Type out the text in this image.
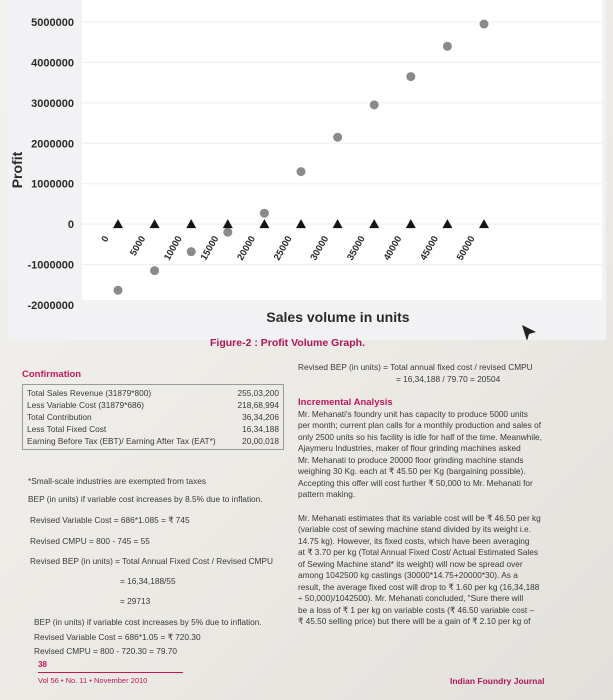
5000000
4000000
3000000
2000000
1000000
0
-1000000
-2000000
0 5000 10000 15000 20000 25000 30000 35000 40000 45000 50000
Profit
Sales volume in units
Figure-2 : Profit Volume Graph.
Confirmation
Total Sales Revenue (31879*800)	255,03,200
Less Variable Cost (31879*686)	218,68,994
Total Contribution	36,34,206
Less Total Fixed Cost	16,34,188
Earning Before Tax (EBT)/ Earning After Tax (EAT*)	20,00,018
*Small-scale industries are exempted from taxes
BEP (in units) if variable cost increases by 8.5% due to inflation.
Revised Variable Cost = 686*1.085 = ₹ 745
Revised CMPU = 800 - 745 = 55
Revised BEP (in units) = Total Annual Fixed Cost / Revised CMPU
= 16,34,188/55
= 29713
BEP (in units) if variable cost increases by 5% due to inflation.
Revised Variable Cost = 686*1.05 = ₹ 720.30
Revised CMPU = 800 - 720.30 = 79.70
Revised BEP (in units) = Total annual fixed cost / revised CMPU
= 16,34,188 / 79.70 = 20504
Incremental Analysis
Mr. Mehanati's foundry unit has capacity to produce 5000 units
per month; current plan calls for a monthly production and sales of
only 2500 units so his facility is idle for half of the time. Meanwhile,
Ajaymeru Industries, maker of flour grinding machines asked
Mr. Mehanati to produce 20000 floor grinding machine stands
weighing 30 Kg. each at ₹ 45.50 per Kg (bargaining possible).
Accepting this offer will cost further ₹ 50,000 to Mr. Mehanati for
pattern making.
Mr. Mehanati estimates that its variable cost will be ₹ 46.50 per kg
(variable cost of sewing machine stand divided by its weight i.e.
14.75 kg). However, its fixed costs, which have been averaging
at ₹ 3.70 per kg (Total Annual Fixed Cost/ Actual Estimated Sales
of Sewing Machine stand* its weight) will now be spread over
among 1042500 kg castings (30000*14.75+20000*30). As a
result, the average fixed cost will drop to ₹ 1.60 per kg (16,34,188
÷ 50,000)/1042500). Mr. Mehanati concluded, "Sure there will
be a loss of ₹ 1 per kg on variable costs (₹ 46.50 variable cost –
₹ 45.50 selling price) but there will be a gain of ₹ 2.10 per kg of
38
Vol 56 • No. 11 • November 2010	Indian Foundry Journal
